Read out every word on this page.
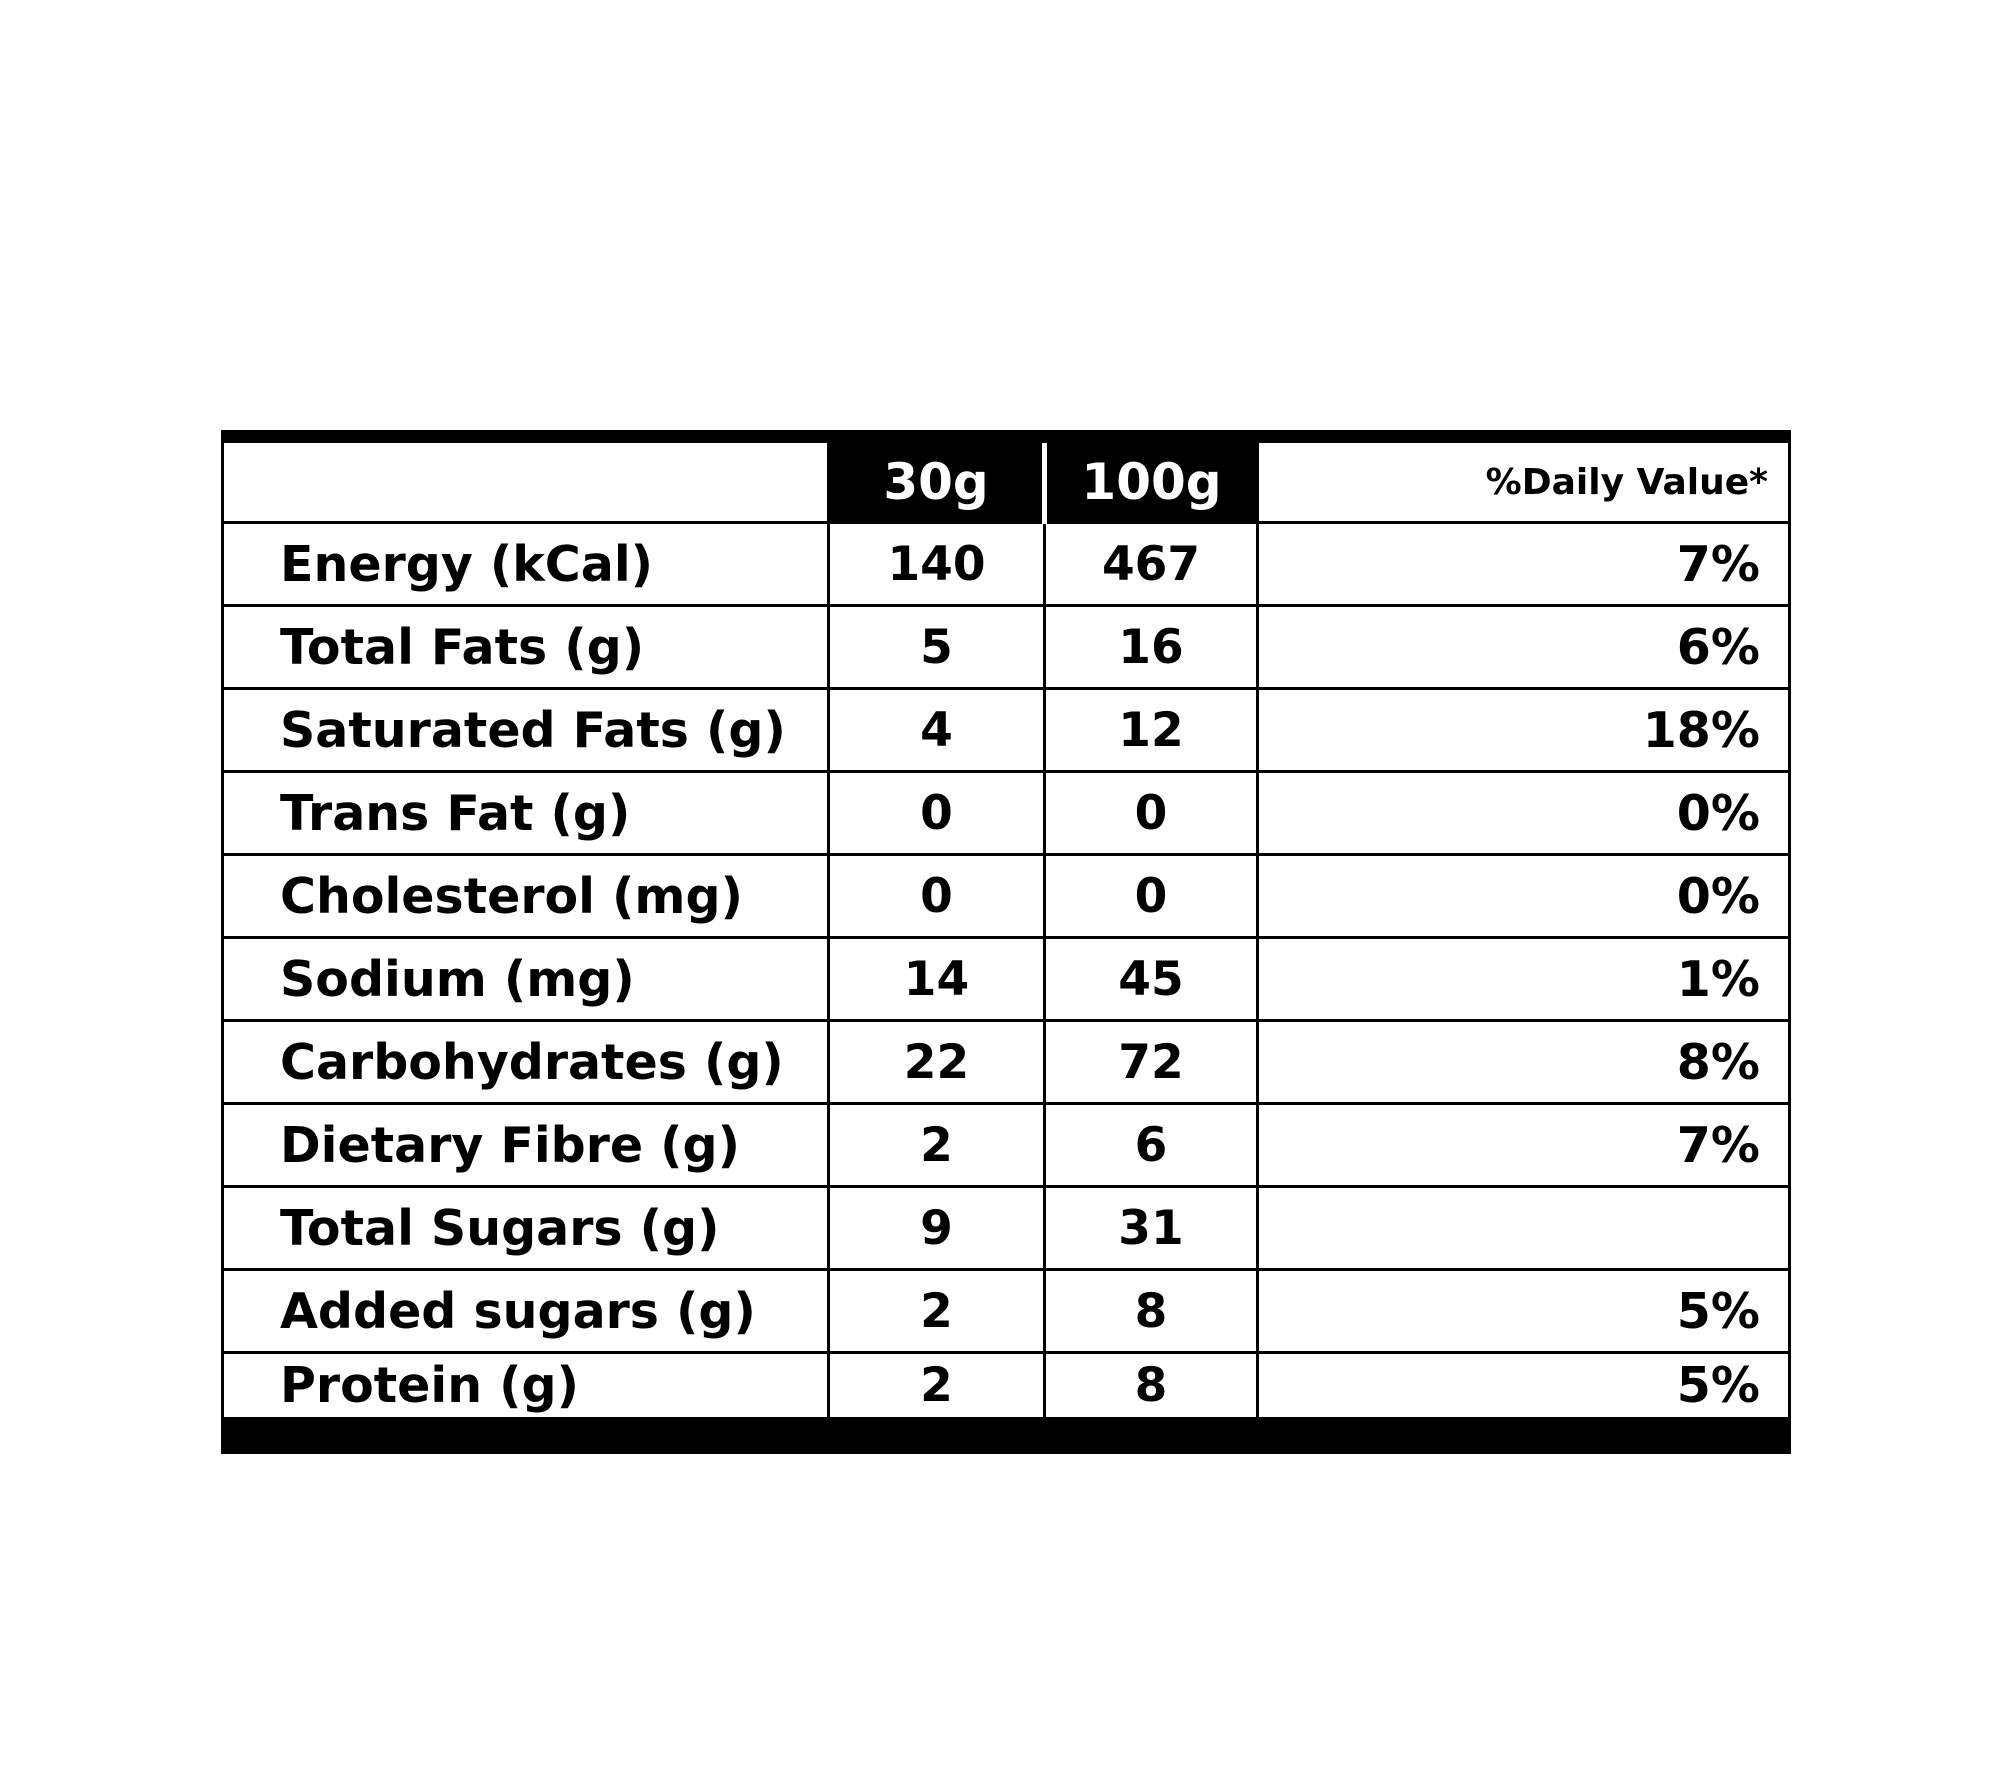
	30g	100g	%Daily Value*
Energy (kCal)	140	467	7%
Total Fats (g)	5	16	6%
Saturated Fats (g)	4	12	18%
Trans Fat (g)	0	0	0%
Cholesterol (mg)	0	0	0%
Sodium (mg)	14	45	1%
Carbohydrates (g)	22	72	8%
Dietary Fibre (g)	2	6	7%
Total Sugars (g)	9	31	
Added sugars (g)	2	8	5%
Protein (g)	2	8	5%
